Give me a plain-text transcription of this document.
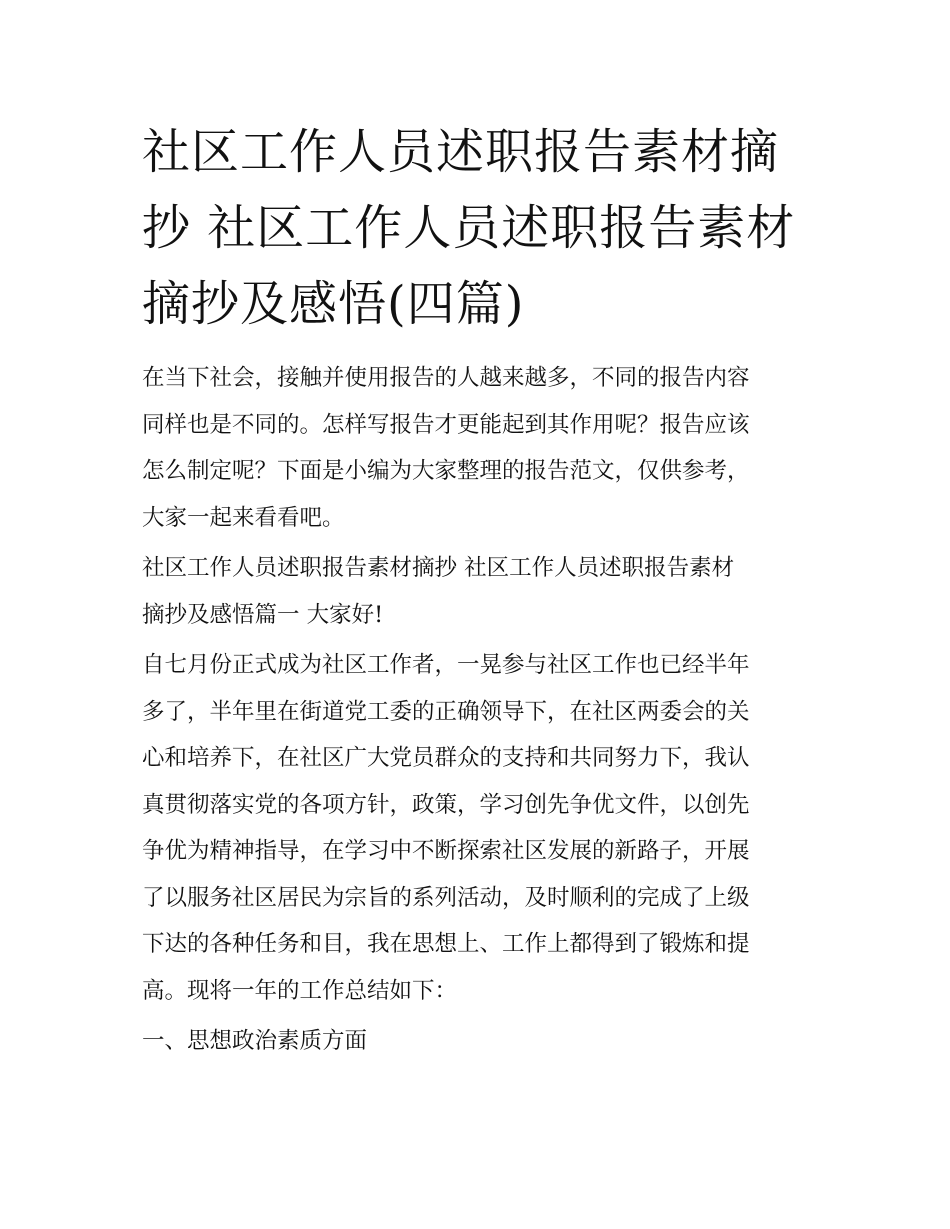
社区工作人员述职报告素材摘
抄 社区工作人员述职报告素材
摘抄及感悟(四篇)

在当下社会，接触并使用报告的人越来越多，不同的报告内容
同样也是不同的。怎样写报告才更能起到其作用呢？报告应该
怎么制定呢？下面是小编为大家整理的报告范文，仅供参考，
大家一起来看看吧。

社区工作人员述职报告素材摘抄 社区工作人员述职报告素材
摘抄及感悟篇一 大家好!

自七月份正式成为社区工作者，一晃参与社区工作也已经半年
多了，半年里在街道党工委的正确领导下，在社区两委会的关
心和培养下，在社区广大党员群众的支持和共同努力下，我认
真贯彻落实党的各项方针，政策，学习创先争优文件，以创先
争优为精神指导，在学习中不断探索社区发展的新路子，开展
了以服务社区居民为宗旨的系列活动，及时顺利的完成了上级
下达的各种任务和目，我在思想上、工作上都得到了锻炼和提
高。现将一年的工作总结如下：

一、思想政治素质方面
